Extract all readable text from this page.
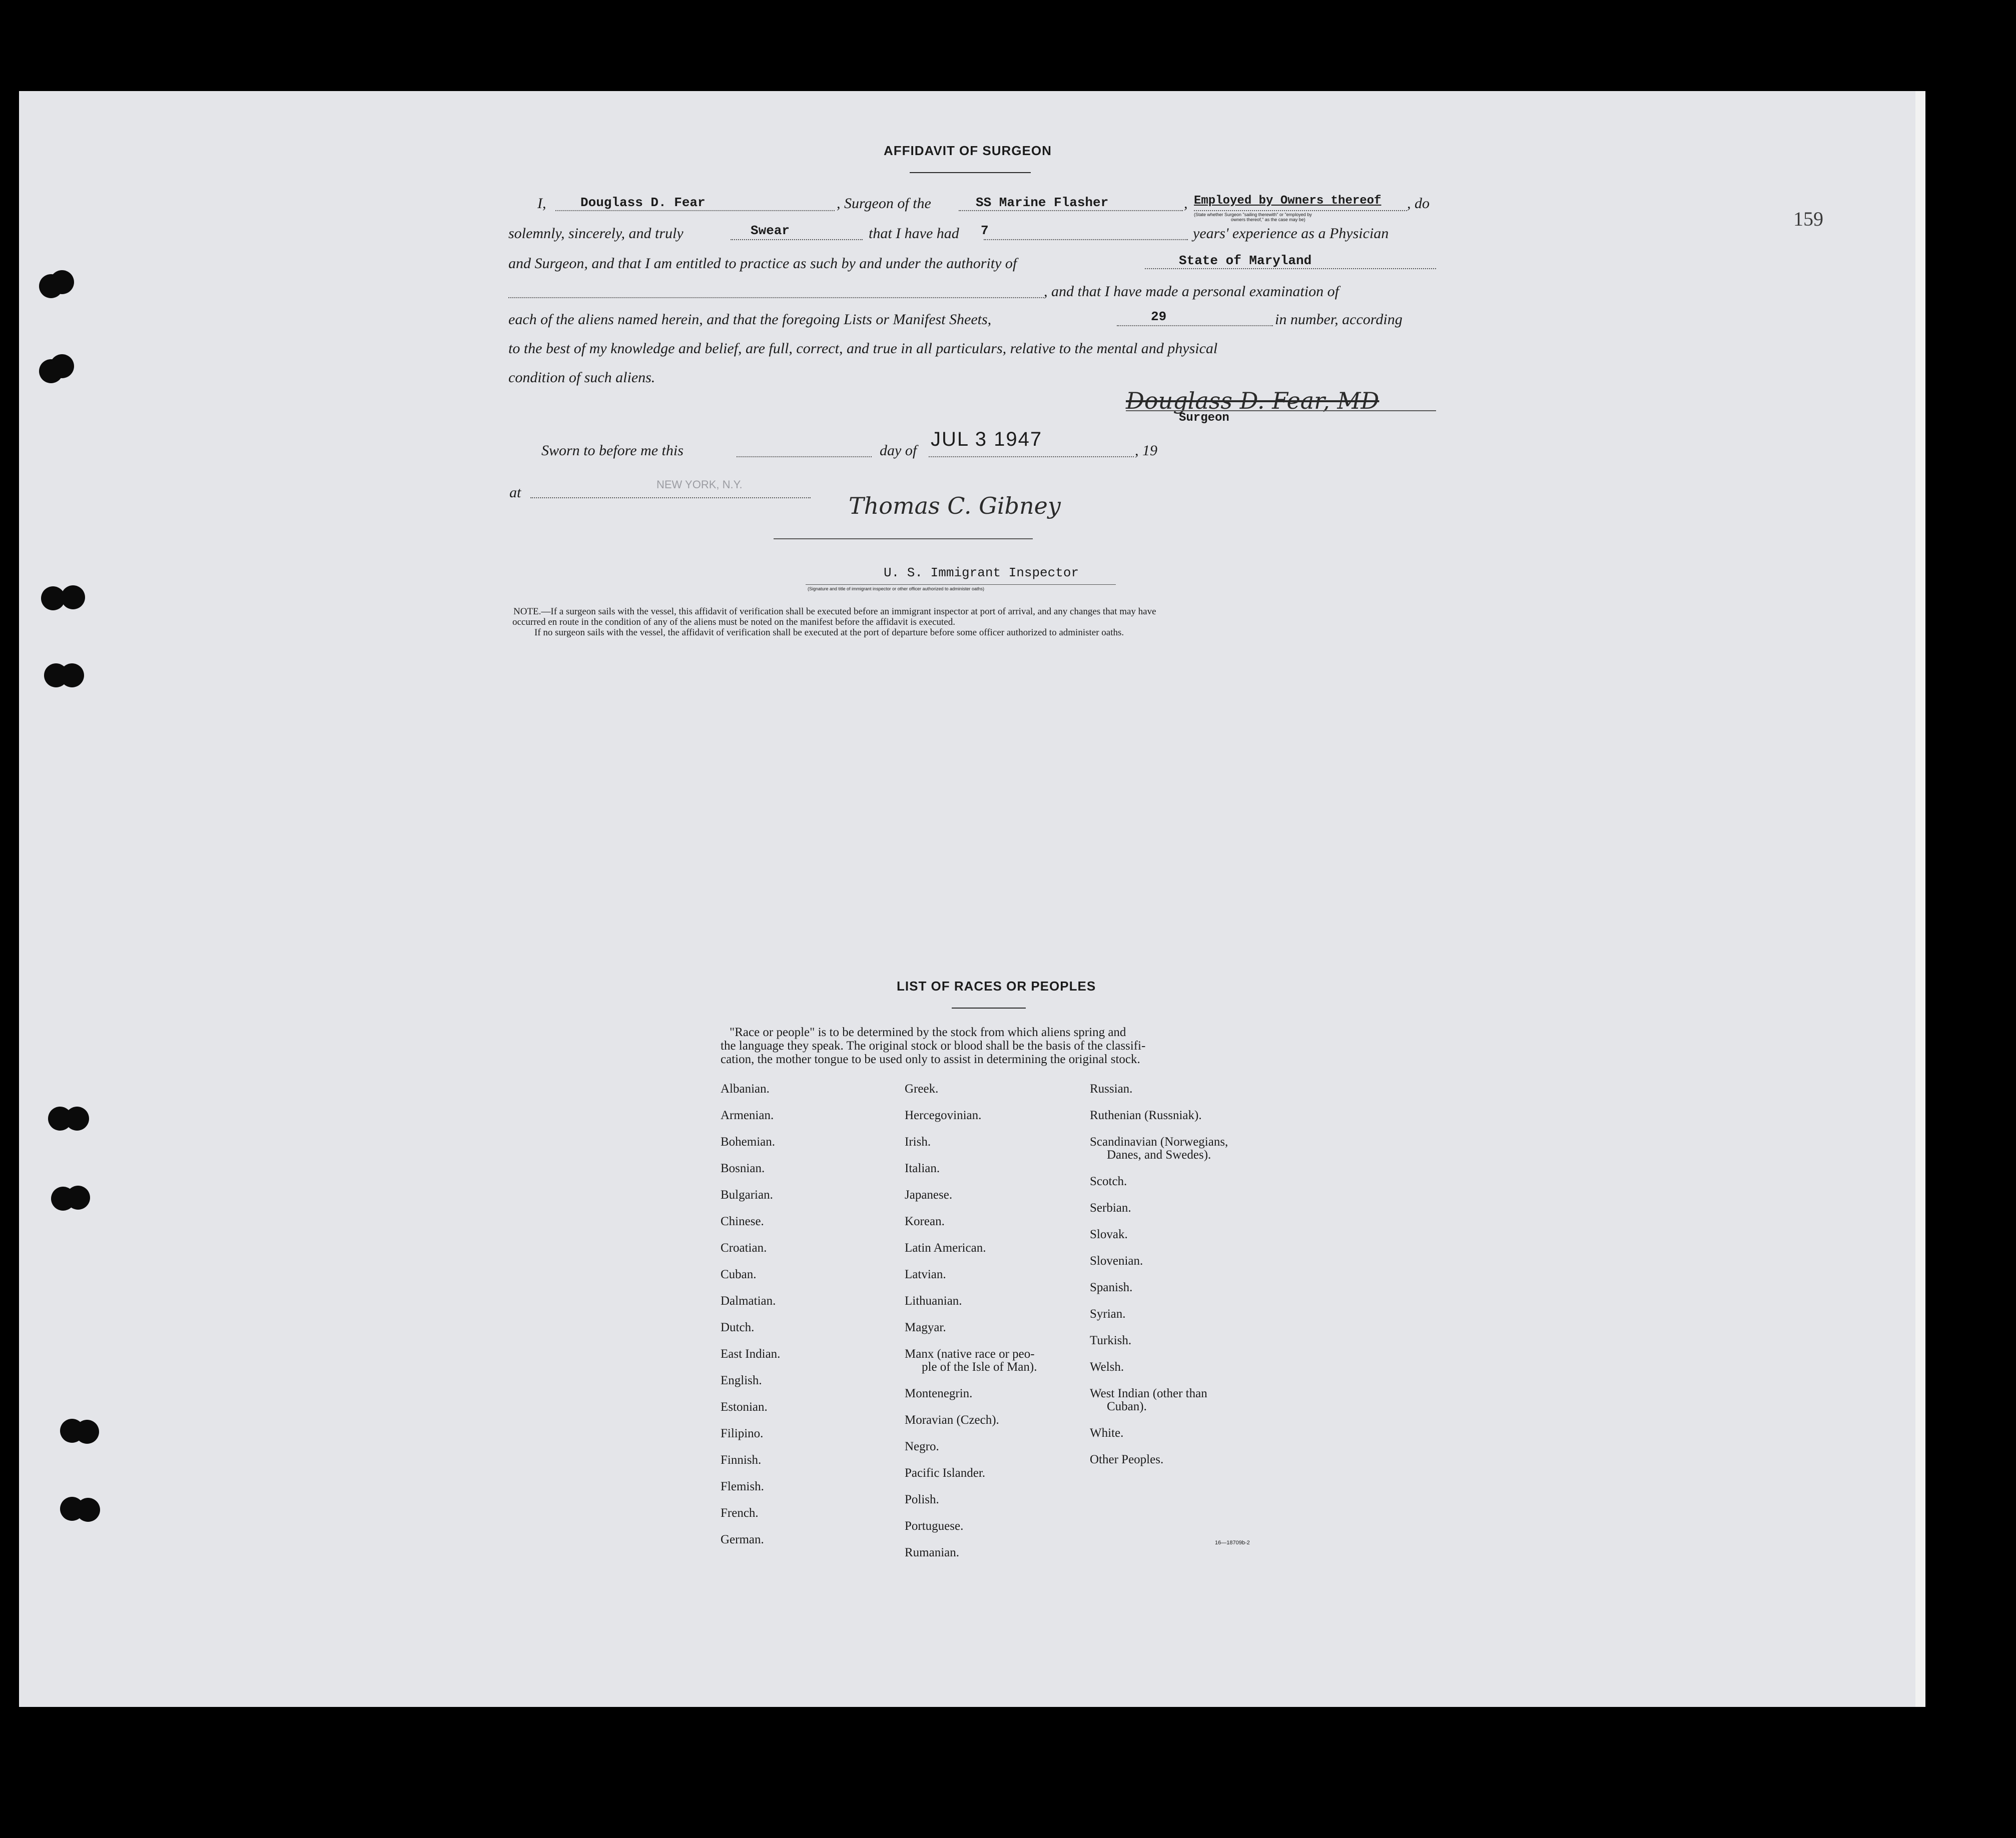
159
AFFIDAVIT OF SURGEON
I,	Douglass D. Fear	, Surgeon of the	SS Marine Flasher	, Employed by Owners thereof
(State whether Surgeon "sailing therewith" or "employed by
owners thereof," as the case may be)
, do
solemnly, sincerely, and truly	Swear	that I have had 7	years' experience as a Physician
and Surgeon, and that I am entitled to practice as such by and under the authority of	State of Maryland
, and that I have made a personal examination of
each of the aliens named herein, and that the foregoing Lists or Manifest Sheets,	29	in number, according
to the best of my knowledge and belief, are full, correct, and true in all particulars, relative to the mental and physical
condition of such aliens.
Douglass D. Fear, MD
Surgeon
Sworn to before me this	day of
JUL 3 1947
, 19
at	NEW YORK, N.Y.
Thomas C. Gibney
U. S. Immigrant Inspector
(Signature and title of immigrant inspector or other officer authorized to administer oaths)
NOTE.—If a surgeon sails with the vessel, this affidavit of verification shall be executed before an immigrant inspector at port of arrival, and any changes that may have
occurred en route in the condition of any of the aliens must be noted on the manifest before the affidavit is executed.
If no surgeon sails with the vessel, the affidavit of verification shall be executed at the port of departure before some officer authorized to administer oaths.
LIST OF RACES OR PEOPLES
"Race or people" is to be determined by the stock from which aliens spring and
the language they speak. The original stock or blood shall be the basis of the classifi-
cation, the mother tongue to be used only to assist in determining the original stock.
Albanian.
Armenian.
Bohemian.
Bosnian.
Bulgarian.
Chinese.
Croatian.
Cuban.
Dalmatian.
Dutch.
East Indian.
English.
Estonian.
Filipino.
Finnish.
Flemish.
French.
German.
Greek.
Hercegovinian.
Irish.
Italian.
Japanese.
Korean.
Latin American.
Latvian.
Lithuanian.
Magyar.
Manx (native race or peo-
ple of the Isle of Man).
Montenegrin.
Moravian (Czech).
Negro.
Pacific Islander.
Polish.
Portuguese.
Rumanian.
Russian.
Ruthenian (Russniak).
Scandinavian (Norwegians,
Danes, and Swedes).
Scotch.
Serbian.
Slovak.
Slovenian.
Spanish.
Syrian.
Turkish.
Welsh.
West Indian (other than
Cuban).
White.
Other Peoples.
16—18709b-2
